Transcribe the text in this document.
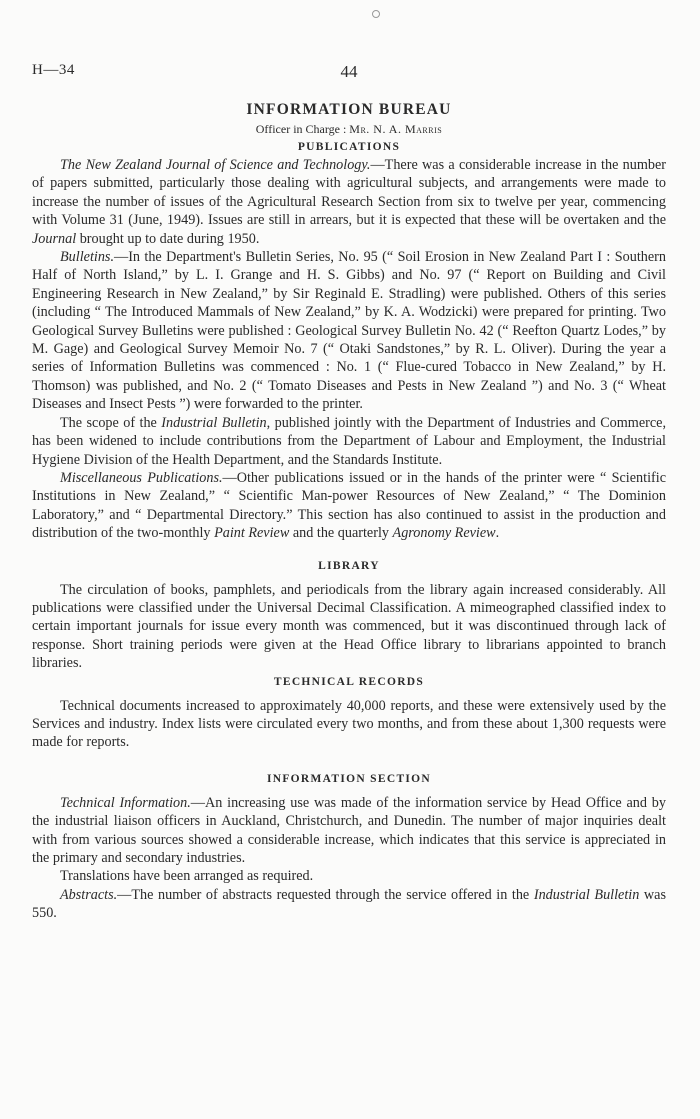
H—34	44
INFORMATION BUREAU

Officer in Charge : Mr. N. A. Marris

PUBLICATIONS

The New Zealand Journal of Science and Technology.—There was a considerable increase in the number of papers submitted, particularly those dealing with agricultural subjects, and arrangements were made to increase the number of issues of the Agricultural Research Section from six to twelve per year, commencing with Volume 31 (June, 1949). Issues are still in arrears, but it is expected that these will be overtaken and the Journal brought up to date during 1950.

Bulletins.—In the Department's Bulletin Series, No. 95 (“ Soil Erosion in New Zealand Part I : Southern Half of North Island,” by L. I. Grange and H. S. Gibbs) and No. 97 (“ Report on Building and Civil Engineering Research in New Zealand,” by Sir Reginald E. Stradling) were published. Others of this series (including “ The Introduced Mammals of New Zealand,” by K. A. Wodzicki) were prepared for printing. Two Geological Survey Bulletins were published : Geological Survey Bulletin No. 42 (“ Reefton Quartz Lodes,” by M. Gage) and Geological Survey Memoir No. 7 (“ Otaki Sandstones,” by R. L. Oliver). During the year a series of Information Bulletins was commenced : No. 1 (“ Flue-cured Tobacco in New Zealand,” by H. Thomson) was published, and No. 2 (“ Tomato Diseases and Pests in New Zealand ”) and No. 3 (“ Wheat Diseases and Insect Pests ”) were forwarded to the printer.

The scope of the Industrial Bulletin, published jointly with the Department of Industries and Commerce, has been widened to include contributions from the Department of Labour and Employment, the Industrial Hygiene Division of the Health Department, and the Standards Institute.

Miscellaneous Publications.—Other publications issued or in the hands of the printer were “ Scientific Institutions in New Zealand,” “ Scientific Man-power Resources of New Zealand,” “ The Dominion Laboratory,” and “ Departmental Directory.” This section has also continued to assist in the production and distribution of the two-monthly Paint Review and the quarterly Agronomy Review.

LIBRARY

The circulation of books, pamphlets, and periodicals from the library again increased considerably. All publications were classified under the Universal Decimal Classification. A mimeographed classified index to certain important journals for issue every month was commenced, but it was discontinued through lack of response. Short training periods were given at the Head Office library to librarians appointed to branch libraries.

TECHNICAL RECORDS

Technical documents increased to approximately 40,000 reports, and these were extensively used by the Services and industry. Index lists were circulated every two months, and from these about 1,300 requests were made for reports.

INFORMATION SECTION

Technical Information.—An increasing use was made of the information service by Head Office and by the industrial liaison officers in Auckland, Christchurch, and Dunedin. The number of major inquiries dealt with from various sources showed a considerable increase, which indicates that this service is appreciated in the primary and secondary industries.

Translations have been arranged as required.

Abstracts.—The number of abstracts requested through the service offered in the Industrial Bulletin was 550.
